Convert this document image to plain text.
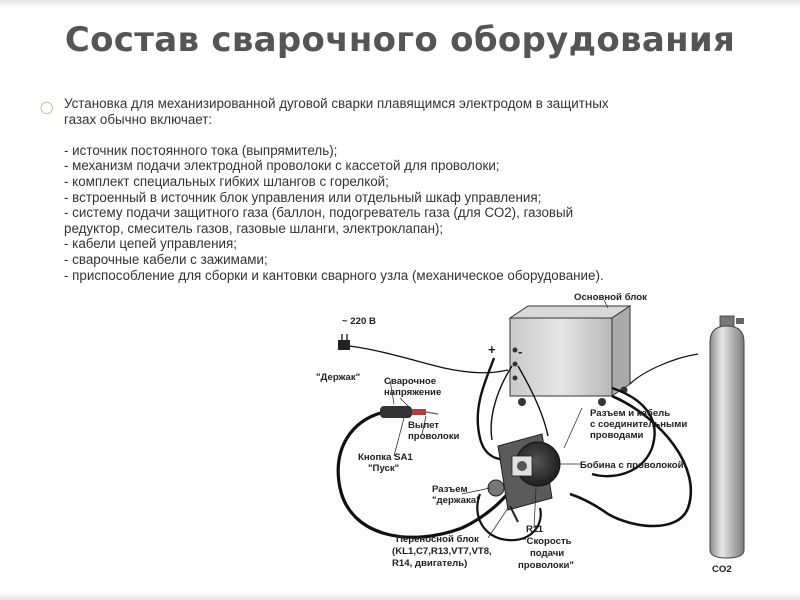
Состав сварочного оборудования
◯ Установка для механизированной дуговой сварки плавящимся электродом в защитных
газах обычно включает:
- источник постоянного тока (выпрямитель);
- механизм подачи электродной проволоки с кассетой для проволоки;
- комплект специальных гибких шлангов с горелкой;
- встроенный в источник блок управления или отдельный шкаф управления;
- систему подачи защитного газа (баллон, подогреватель газа (для СО2), газовый
редуктор, смеситель газов, газовые шланги, электроклапан);
- кабели цепей управления;
- сварочные кабели с зажимами;
- приспособление для сборки и кантовки сварного узла (механическое оборудование).
~ 220 В
Основной блок
+ -
"Держак" Сварочное
напряжение
Вылет
проволоки
Кнопка SA1
"Пуск"
Разъем и кабель
с соединительными
проводами
Бобина с проволокой
Разъем
"держака"
Переносной блок
(KL1,C7,R13,VT7,VT8,
R14, двигатель)
R11
"Скорость
подачи
проволоки"	CO2
